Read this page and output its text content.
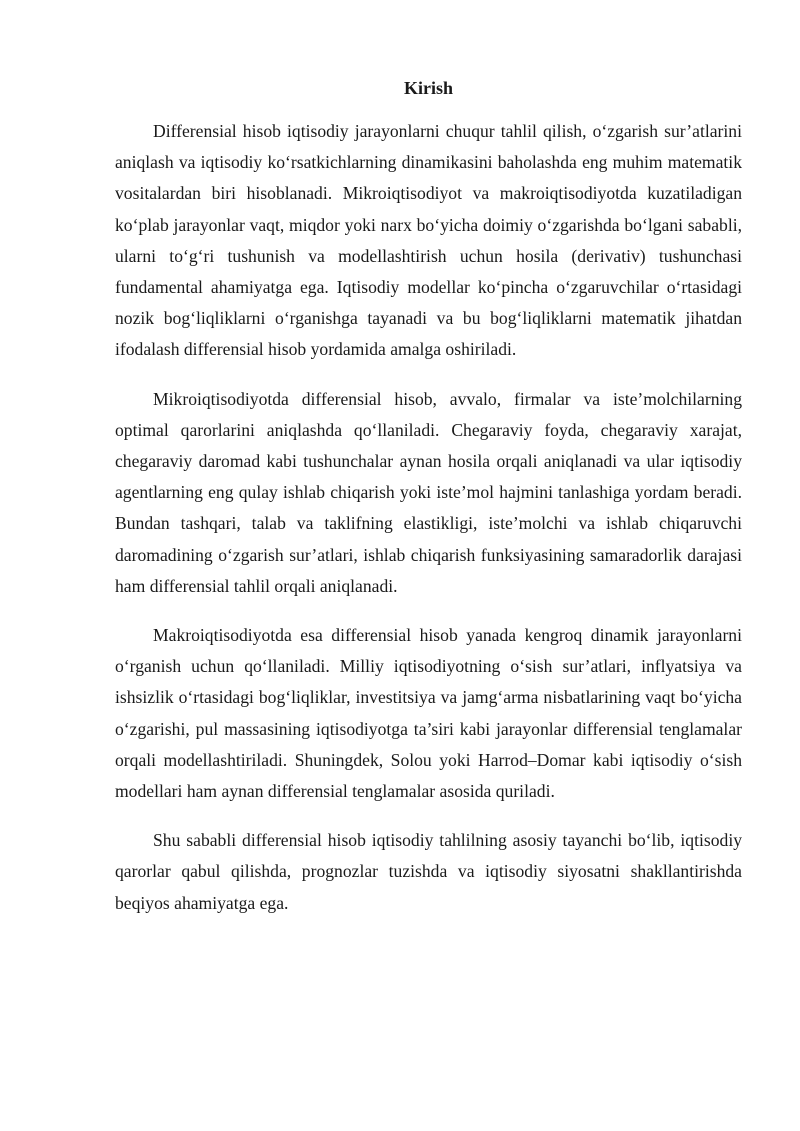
Kirish

Differensial hisob iqtisodiy jarayonlarni chuqur tahlil qilish, o‘zgarish sur’atlarini aniqlash va iqtisodiy ko‘rsatkichlarning dinamikasini baholashda eng muhim matematik vositalardan biri hisoblanadi. Mikroiqtisodiyot va makroiqtisodiyotda kuzatiladigan ko‘plab jarayonlar vaqt, miqdor yoki narx bo‘yicha doimiy o‘zgarishda bo‘lgani sababli, ularni to‘g‘ri tushunish va modellashtirish uchun hosila (derivativ) tushunchasi fundamental ahamiyatga ega. Iqtisodiy modellar ko‘pincha o‘zgaruvchilar o‘rtasidagi nozik bog‘liqliklarni o‘rganishga tayanadi va bu bog‘liqliklarni matematik jihatdan ifodalash differensial hisob yordamida amalga oshiriladi.

Mikroiqtisodiyotda differensial hisob, avvalo, firmalar va iste’molchilarning optimal qarorlarini aniqlashda qo‘llaniladi. Chegaraviy foyda, chegaraviy xarajat, chegaraviy daromad kabi tushunchalar aynan hosila orqali aniqlanadi va ular iqtisodiy agentlarning eng qulay ishlab chiqarish yoki iste’mol hajmini tanlashiga yordam beradi. Bundan tashqari, talab va taklifning elastikligi, iste’molchi va ishlab chiqaruvchi daromadining o‘zgarish sur’atlari, ishlab chiqarish funksiyasining samaradorlik darajasi ham differensial tahlil orqali aniqlanadi.

Makroiqtisodiyotda esa differensial hisob yanada kengroq dinamik jarayonlarni o‘rganish uchun qo‘llaniladi. Milliy iqtisodiyotning o‘sish sur’atlari, inflyatsiya va ishsizlik o‘rtasidagi bog‘liqliklar, investitsiya va jamg‘arma nisbatlarining vaqt bo‘yicha o‘zgarishi, pul massasining iqtisodiyotga ta’siri kabi jarayonlar differensial tenglamalar orqali modellashtiriladi. Shuningdek, Solou yoki Harrod–Domar kabi iqtisodiy o‘sish modellari ham aynan differensial tenglamalar asosida quriladi.

Shu sababli differensial hisob iqtisodiy tahlilning asosiy tayanchi bo‘lib, iqtisodiy qarorlar qabul qilishda, prognozlar tuzishda va iqtisodiy siyosatni shakllantirishda beqiyos ahamiyatga ega.
